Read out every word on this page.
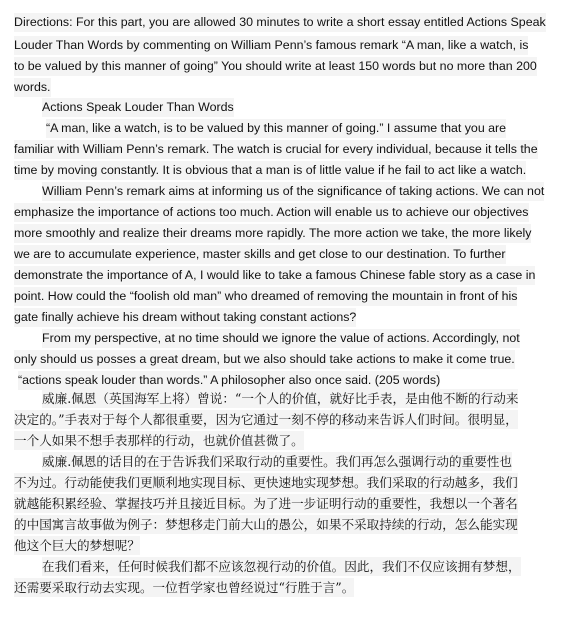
Directions: For this part, you are allowed 30 minutes to write a short essay entitled Actions Speak
Louder Than Words by commenting on William Penn’s famous remark “A man, like a watch, is
to be valued by this manner of going” You should write at least 150 words but no more than 200
words.
Actions Speak Louder Than Words
“A man, like a watch, is to be valued by this manner of going.” I assume that you are
familiar with William Penn’s remark. The watch is crucial for every individual, because it tells the
time by moving constantly. It is obvious that a man is of little value if he fail to act like a watch.
William Penn’s remark aims at informing us of the significance of taking actions. We can not
emphasize the importance of actions too much. Action will enable us to achieve our objectives
more smoothly and realize their dreams more rapidly. The more action we take, the more likely
we are to accumulate experience, master skills and get close to our destination. To further
demonstrate the importance of A, I would like to take a famous Chinese fable story as a case in
point. How could the “foolish old man” who dreamed of removing the mountain in front of his
gate finally achieve his dream without taking constant actions?
From my perspective, at no time should we ignore the value of actions. Accordingly, not
only should us posses a great dream, but we also should take actions to make it come true.
“actions speak louder than words.” A philosopher also once said. (205 words)
威廉.佩恩（英国海军上将）曾说：“一个人的价值，就好比手表，是由他不断的行动来
决定的。”手表对于每个人都很重要，因为它通过一刻不停的移动来告诉人们时间。很明显，
一个人如果不想手表那样的行动，也就价值甚微了。
威廉.佩恩的话目的在于告诉我们采取行动的重要性。我们再怎么强调行动的重要性也
不为过。行动能使我们更顺利地实现目标、更快速地实现梦想。我们采取的行动越多，我们
就越能积累经验、掌握技巧并且接近目标。为了进一步证明行动的重要性，我想以一个著名
的中国寓言故事做为例子：梦想移走门前大山的愚公，如果不采取持续的行动，怎么能实现
他这个巨大的梦想呢？
在我们看来，任何时候我们都不应该忽视行动的价值。因此，我们不仅应该拥有梦想，
还需要采取行动去实现。一位哲学家也曾经说过“行胜于言”。
